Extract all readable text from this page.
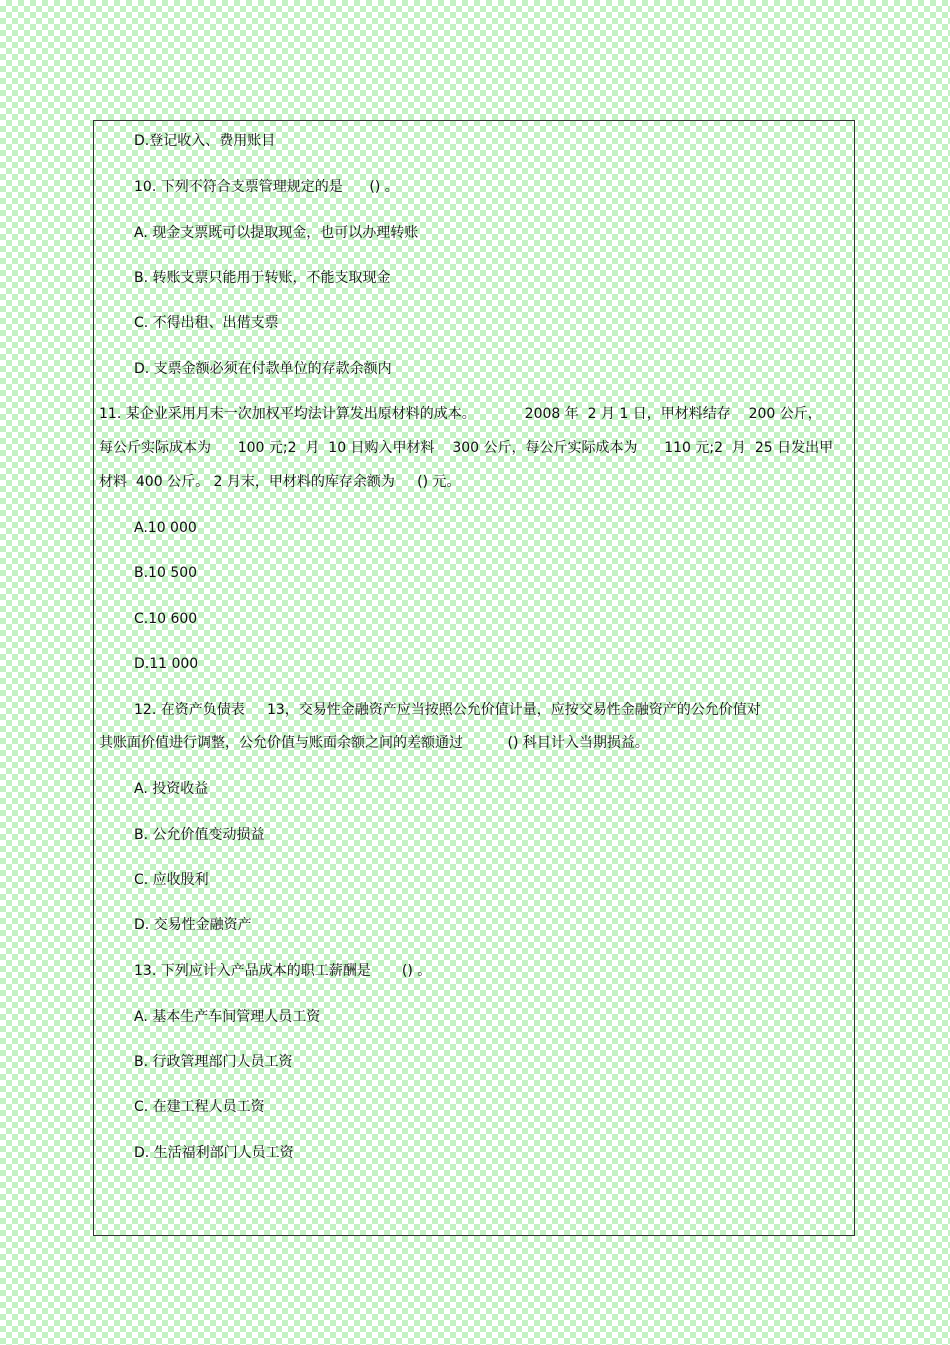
D.登记收入、费用账目
10. 下列不符合支票管理规定的是      () 。
A. 现金支票既可以提取现金，也可以办理转账
B. 转账支票只能用于转账，不能支取现金
C. 不得出租、出借支票
D. 支票金额必须在付款单位的存款余额内
11. 某企业采用月末一次加权平均法计算发出原材料的成本。           2008 年  2 月 1 日，甲材料结存    200 公斤，
每公斤实际成本为      100 元;2  月  10 日购入甲材料    300 公斤，每公斤实际成本为      110 元;2  月  25 日发出甲
材料  400 公斤。 2 月末，甲材料的库存余额为     () 元。
A.10 000
B.10 500
C.10 600
D.11 000
12. 在资产负债表     13，交易性金融资产应当按照公允价值计量，应按交易性金融资产的公允价值对
其账面价值进行调整，公允价值与账面余额之间的差额通过          () 科目计入当期损益。
A. 投资收益
B. 公允价值变动损益
C. 应收股利
D. 交易性金融资产
13. 下列应计入产品成本的职工薪酬是       () 。
A. 基本生产车间管理人员工资
B. 行政管理部门人员工资
C. 在建工程人员工资
D. 生活福利部门人员工资
